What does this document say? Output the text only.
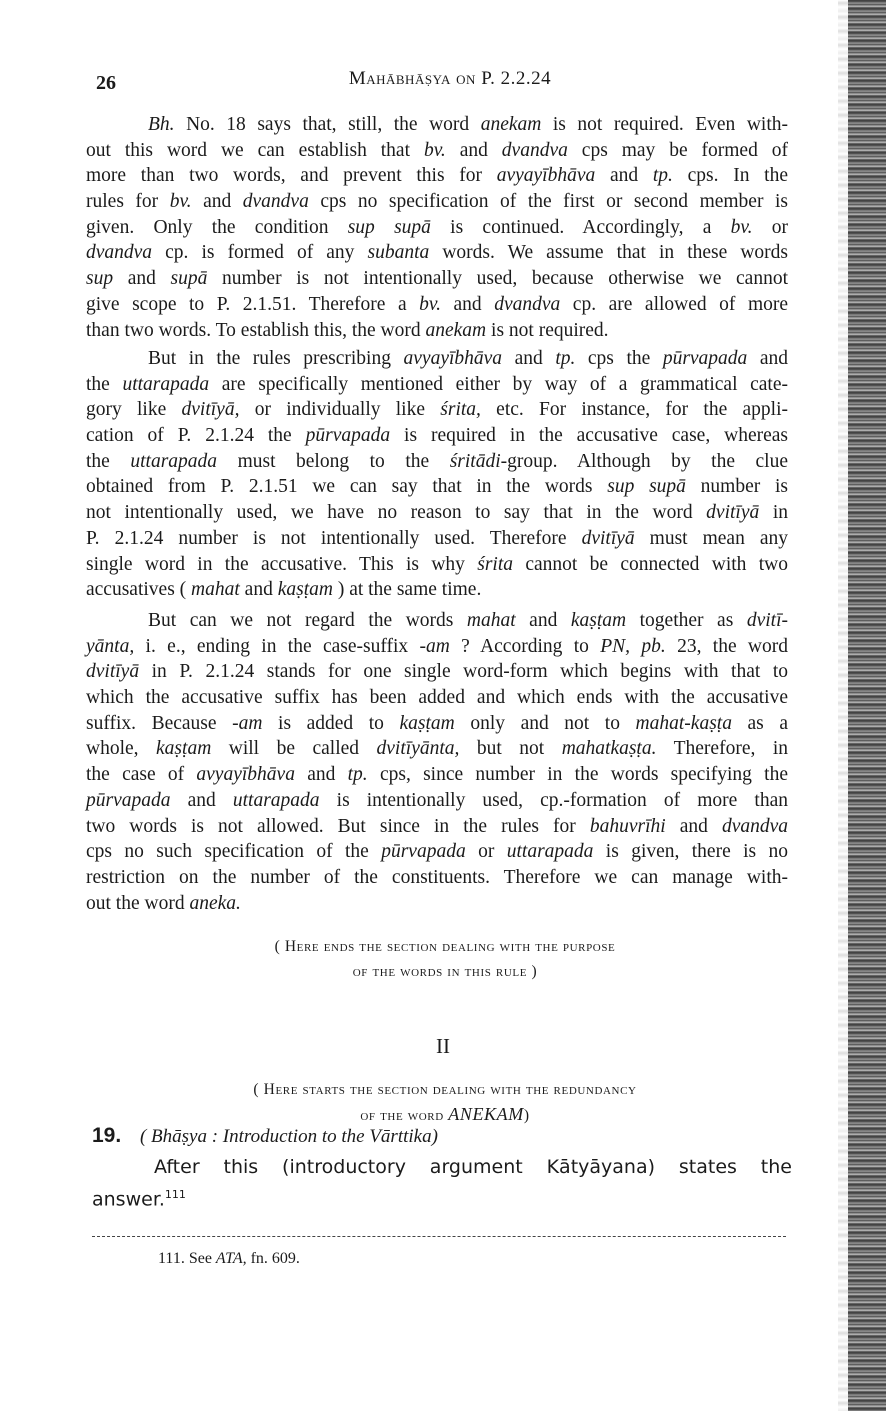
26	Mahābhāṣya on P. 2.2.24
Bh. No. 18 says that, still, the word anekam is not required. Even with-
out this word we can establish that bv. and dvandva cps may be formed of
more than two words, and prevent this for avyayībhāva and tp. cps. In the
rules for bv. and dvandva cps no specification of the first or second member is
given. Only the condition sup supā is continued. Accordingly, a bv. or
dvandva cp. is formed of any subanta words. We assume that in these words
sup and supā number is not intentionally used, because otherwise we cannot
give scope to P. 2.1.51. Therefore a bv. and dvandva cp. are allowed of more
than two words. To establish this, the word anekam is not required.
But in the rules prescribing avyayībhāva and tp. cps the pūrvapada and
the uttarapada are specifically mentioned either by way of a grammatical cate-
gory like dvitīyā, or individually like śrita, etc. For instance, for the appli-
cation of P. 2.1.24 the pūrvapada is required in the accusative case, whereas
the uttarapada must belong to the śritādi-group. Although by the clue
obtained from P. 2.1.51 we can say that in the words sup supā number is
not intentionally used, we have no reason to say that in the word dvitīyā in
P. 2.1.24 number is not intentionally used. Therefore dvitīyā must mean any
single word in the accusative. This is why śrita cannot be connected with two
accusatives ( mahat and kaṣṭam ) at the same time.
But can we not regard the words mahat and kaṣṭam together as dvitī-
yānta, i. e., ending in the case-suffix -am ? According to PN, pb. 23, the word
dvitīyā in P. 2.1.24 stands for one single word-form which begins with that to
which the accusative suffix has been added and which ends with the accusative
suffix. Because -am is added to kaṣṭam only and not to mahat-kaṣṭa as a
whole, kaṣṭam will be called dvitīyānta, but not mahatkaṣṭa. Therefore, in
the case of avyayībhāva and tp. cps, since number in the words specifying the
pūrvapada and uttarapada is intentionally used, cp.-formation of more than
two words is not allowed. But since in the rules for bahuvrīhi and dvandva
cps no such specification of the pūrvapada or uttarapada is given, there is no
restriction on the number of the constituents. Therefore we can manage with-
out the word aneka.
( Here ends the section dealing with the purpose
of the words in this rule )
II
( Here starts the section dealing with the redundancy
of the word ANEKAM)
19. ( Bhāṣya : Introduction to the Vārttika)
After this (introductory argument Kātyāyana) states the
answer.$^{111}$
111. See ATA, fn. 609.
